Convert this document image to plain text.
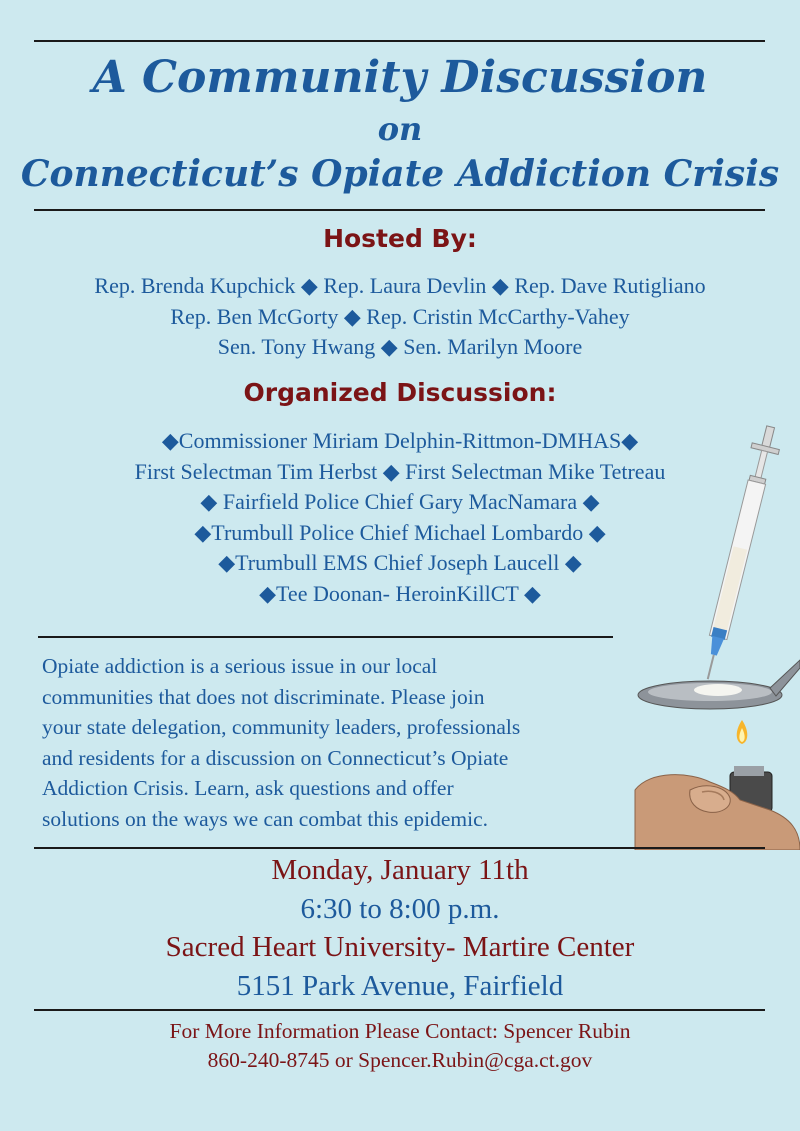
A Community Discussion
on
Connecticut’s Opiate Addiction Crisis
Hosted By:
Rep. Brenda Kupchick ◆ Rep. Laura Devlin ◆ Rep. Dave Rutigliano
Rep. Ben McGorty ◆ Rep. Cristin McCarthy-Vahey
Sen. Tony Hwang ◆ Sen. Marilyn Moore
Organized Discussion:
◆Commissioner Miriam Delphin-Rittmon-DMHAS◆
First Selectman Tim Herbst ◆ First Selectman Mike Tetreau
◆ Fairfield Police Chief Gary MacNamara ◆
◆Trumbull Police Chief Michael Lombardo ◆
◆Trumbull EMS Chief Joseph Laucell ◆
◆Tee Doonan- HeroinKillCT ◆
Opiate addiction is a serious issue in our local
communities that does not discriminate. Please join
your state delegation, community leaders, professionals
and residents for a discussion on Connecticut’s Opiate
Addiction Crisis. Learn, ask questions and offer
solutions on the ways we can combat this epidemic.
Monday, January 11th
6:30 to 8:00 p.m.
Sacred Heart University- Martire Center
5151 Park Avenue, Fairfield
For More Information Please Contact: Spencer Rubin
860-240-8745 or Spencer.Rubin@cga.ct.gov
